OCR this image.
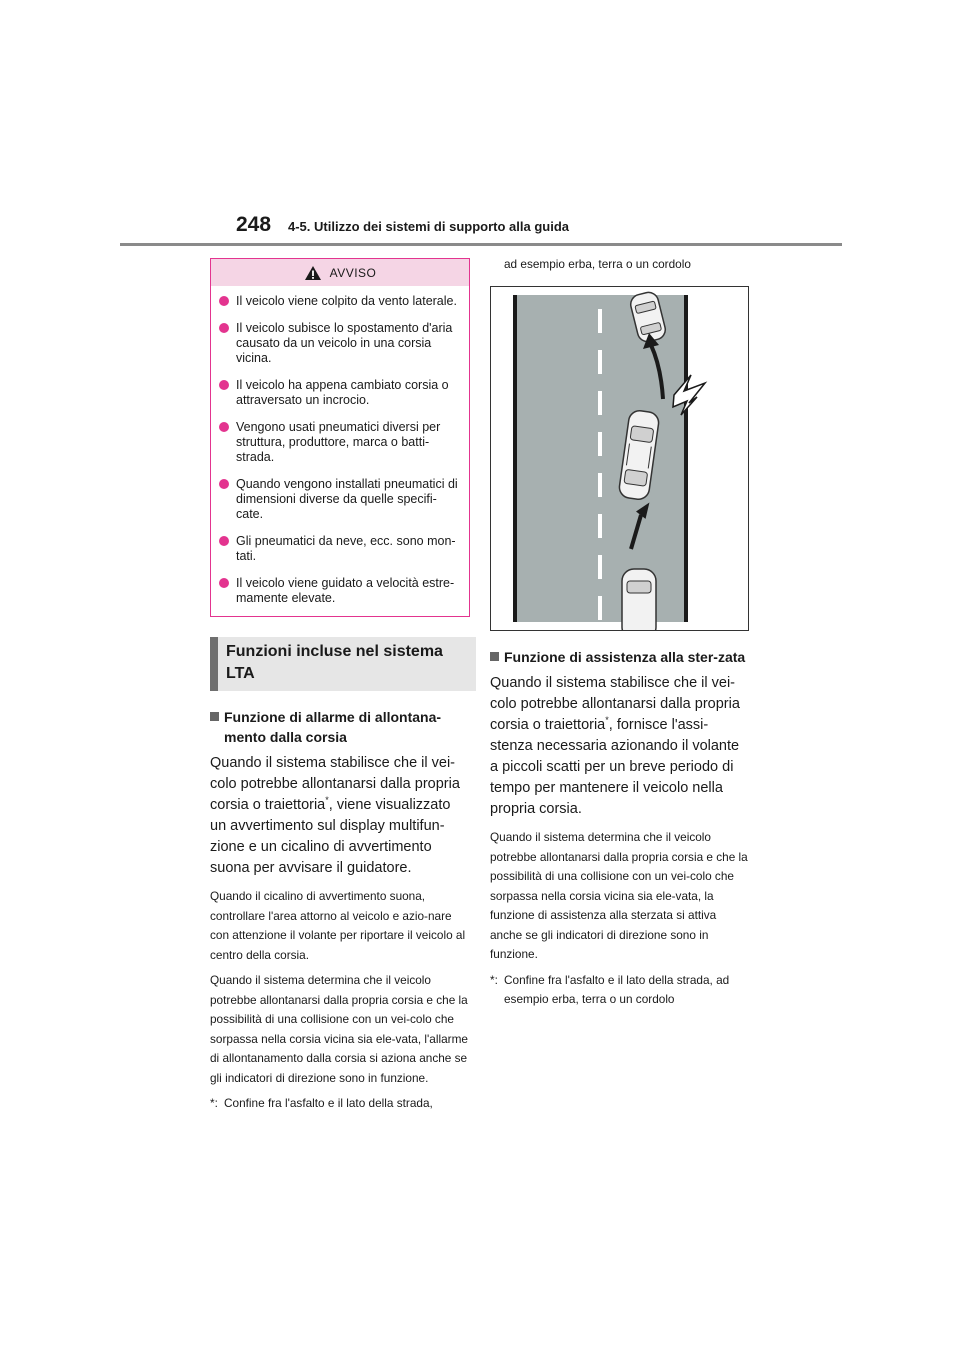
248 4-5. Utilizzo dei sistemi di supporto alla guida
AVVISO
Il veicolo viene colpito da vento laterale.
Il veicolo subisce lo spostamento d'aria causato da un veicolo in una corsia vicina.
Il veicolo ha appena cambiato corsia o attraversato un incrocio.
Vengono usati pneumatici diversi per struttura, produttore, marca o batti-strada.
Quando vengono installati pneumatici di dimensioni diverse da quelle specifi-cate.
Gli pneumatici da neve, ecc. sono mon-tati.
Il veicolo viene guidato a velocità estre-mamente elevate.
Funzioni incluse nel sistema LTA
Funzione di allarme di allontana-mento dalla corsia

Quando il sistema stabilisce che il vei-colo potrebbe allontanarsi dalla propria corsia o traiettoria*, viene visualizzato un avvertimento sul display multifun-zione e un cicalino di avvertimento suona per avvisare il guidatore.

Quando il cicalino di avvertimento suona, controllare l'area attorno al veicolo e azio-nare con attenzione il volante per riportare il veicolo al centro della corsia.

Quando il sistema determina che il veicolo potrebbe allontanarsi dalla propria corsia e che la possibilità di una collisione con un vei-colo che sorpassa nella corsia vicina sia ele-vata, l'allarme di allontanamento dalla corsia si aziona anche se gli indicatori di direzione sono in funzione.

*: Confine fra l'asfalto e il lato della strada,
ad esempio erba, terra o un cordolo
Funzione di assistenza alla ster-zata

Quando il sistema stabilisce che il vei-colo potrebbe allontanarsi dalla propria corsia o traiettoria*, fornisce l'assi-stenza necessaria azionando il volante a piccoli scatti per un breve periodo di tempo per mantenere il veicolo nella propria corsia.

Quando il sistema determina che il veicolo potrebbe allontanarsi dalla propria corsia e che la possibilità di una collisione con un vei-colo che sorpassa nella corsia vicina sia ele-vata, la funzione di assistenza alla sterzata si attiva anche se gli indicatori di direzione sono in funzione.

*: Confine fra l'asfalto e il lato della strada, ad esempio erba, terra o un cordolo
